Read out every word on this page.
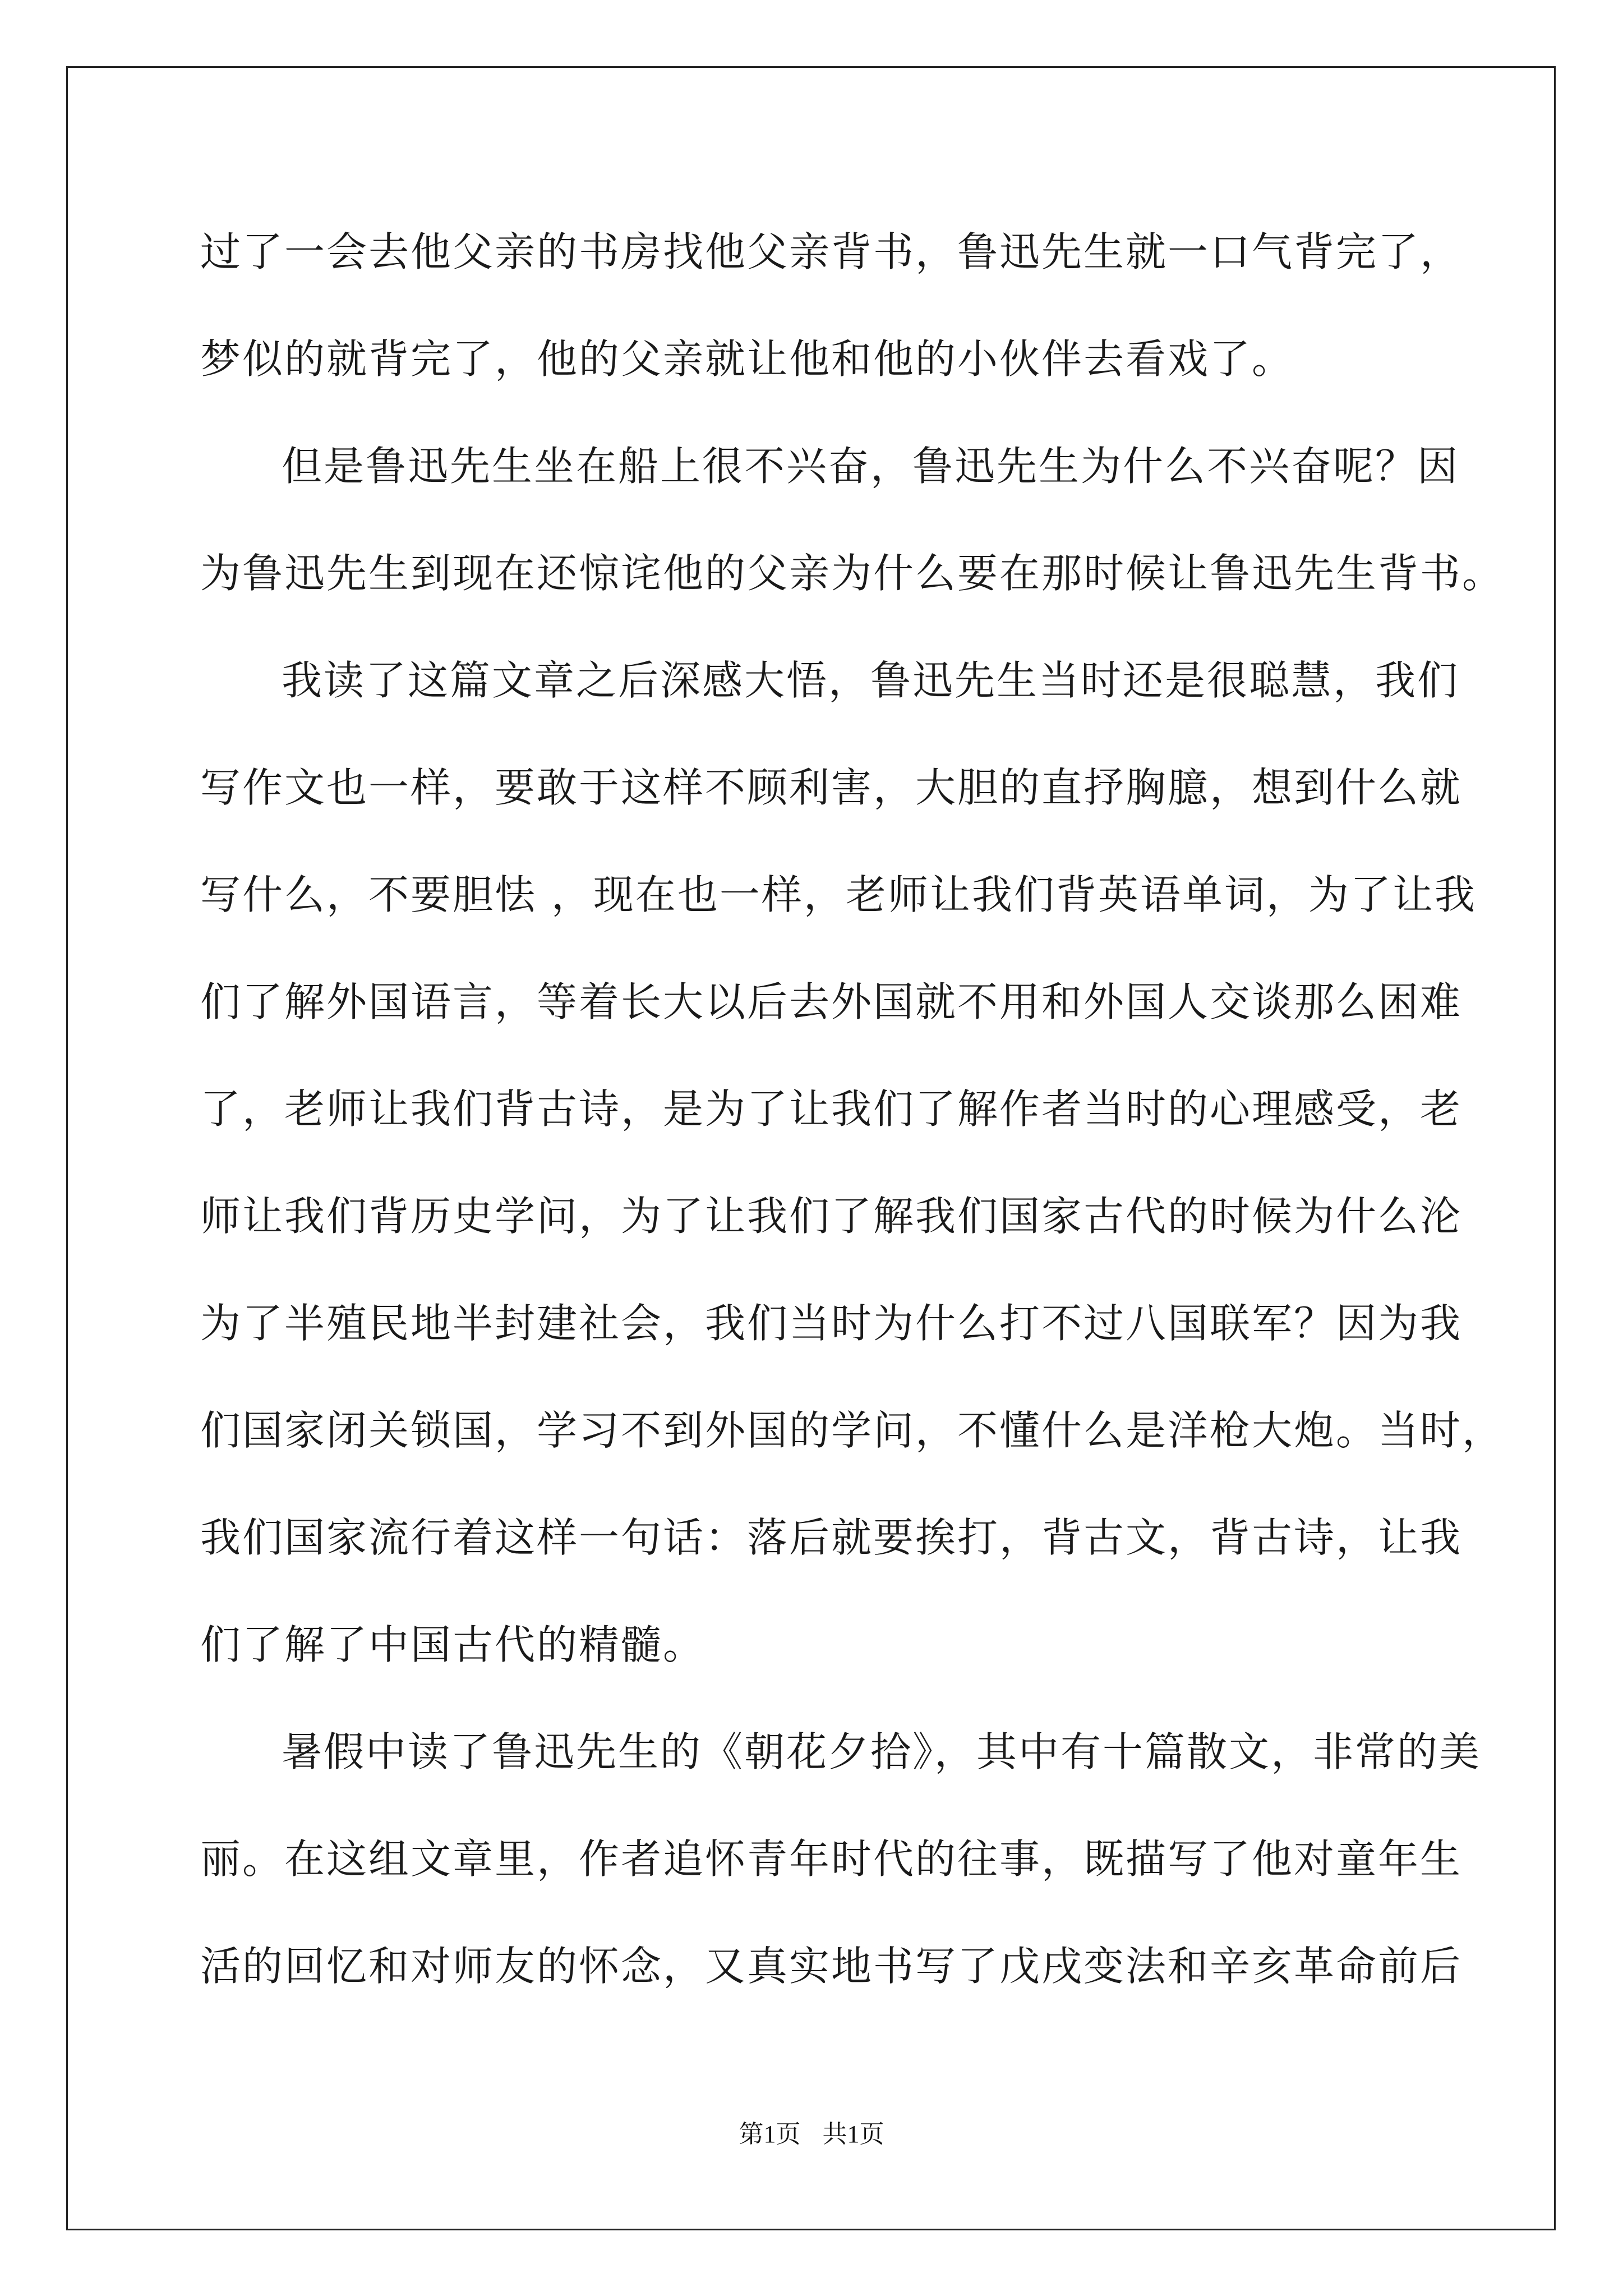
过了一会去他父亲的书房找他父亲背书，鲁迅先生就一口气背完了，
梦似的就背完了，他的父亲就让他和他的小伙伴去看戏了。
但是鲁迅先生坐在船上很不兴奋，鲁迅先生为什么不兴奋呢？因
为鲁迅先生到现在还惊诧他的父亲为什么要在那时候让鲁迅先生背书。
我读了这篇文章之后深感大悟，鲁迅先生当时还是很聪慧，我们
写作文也一样，要敢于这样不顾利害，大胆的直抒胸臆，想到什么就
写什么，不要胆怯 ，现在也一样，老师让我们背英语单词，为了让我
们了解外国语言，等着长大以后去外国就不用和外国人交谈那么困难
了，老师让我们背古诗，是为了让我们了解作者当时的心理感受，老
师让我们背历史学问，为了让我们了解我们国家古代的时候为什么沦
为了半殖民地半封建社会，我们当时为什么打不过八国联军？因为我
们国家闭关锁国，学习不到外国的学问，不懂什么是洋枪大炮。当时，
我们国家流行着这样一句话：落后就要挨打，背古文，背古诗，让我
们了解了中国古代的精髓。
暑假中读了鲁迅先生的《朝花夕拾》，其中有十篇散文，非常的美
丽。在这组文章里，作者追怀青年时代的往事，既描写了他对童年生
活的回忆和对师友的怀念，又真实地书写了戊戌变法和辛亥革命前后
第1页 共1页
